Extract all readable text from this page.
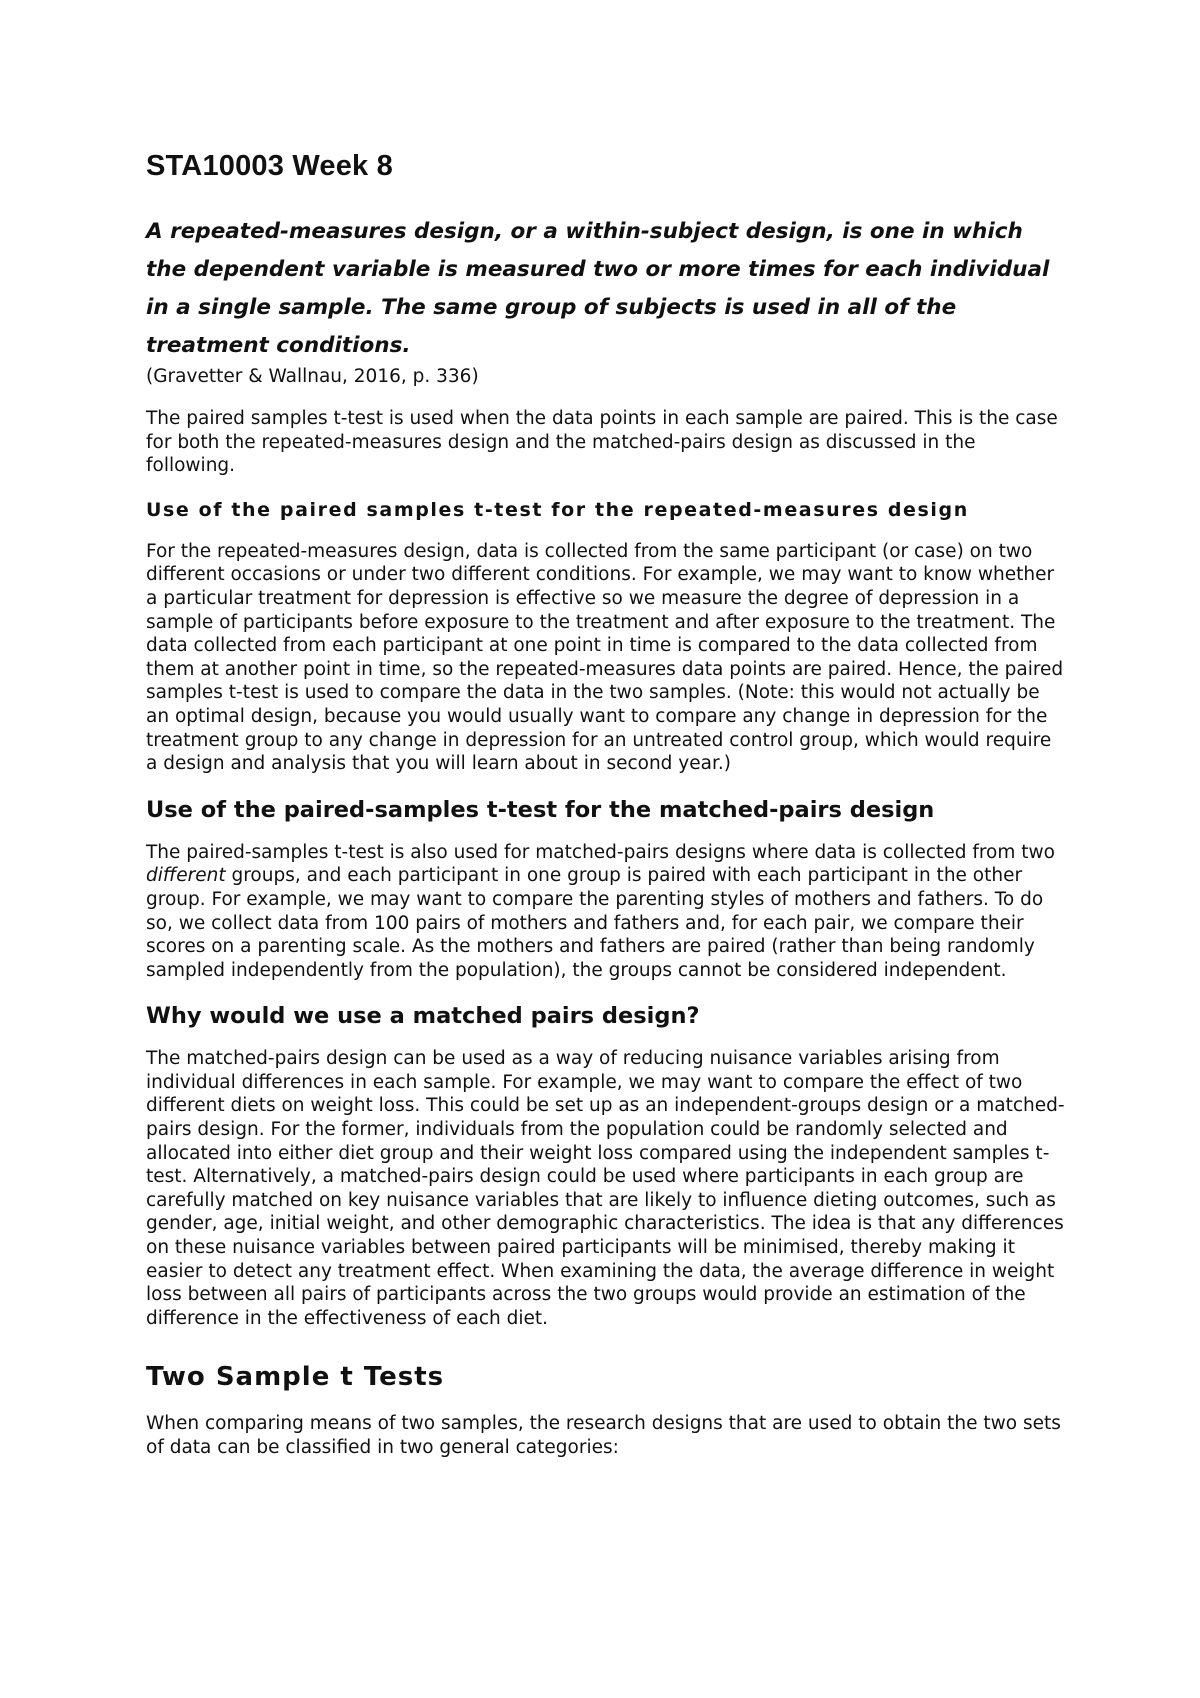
STA10003 Week 8

A repeated-measures design, or a within-subject design, is one in which the dependent variable is measured two or more times for each individual in a single sample. The same group of subjects is used in all of the treatment conditions.

(Gravetter & Wallnau, 2016, p. 336)

The paired samples t-test is used when the data points in each sample are paired. This is the case for both the repeated-measures design and the matched-pairs design as discussed in the following.

Use of the paired samples t-test for the repeated-measures design

For the repeated-measures design, data is collected from the same participant (or case) on two different occasions or under two different conditions. For example, we may want to know whether a particular treatment for depression is effective so we measure the degree of depression in a sample of participants before exposure to the treatment and after exposure to the treatment. The data collected from each participant at one point in time is compared to the data collected from them at another point in time, so the repeated-measures data points are paired. Hence, the paired samples t-test is used to compare the data in the two samples. (Note: this would not actually be an optimal design, because you would usually want to compare any change in depression for the treatment group to any change in depression for an untreated control group, which would require a design and analysis that you will learn about in second year.)

Use of the paired-samples t-test for the matched-pairs design

The paired-samples t-test is also used for matched-pairs designs where data is collected from two different groups, and each participant in one group is paired with each participant in the other group. For example, we may want to compare the parenting styles of mothers and fathers. To do so, we collect data from 100 pairs of mothers and fathers and, for each pair, we compare their scores on a parenting scale. As the mothers and fathers are paired (rather than being randomly sampled independently from the population), the groups cannot be considered independent.

Why would we use a matched pairs design?

The matched-pairs design can be used as a way of reducing nuisance variables arising from individual differences in each sample. For example, we may want to compare the effect of two different diets on weight loss. This could be set up as an independent-groups design or a matched-pairs design. For the former, individuals from the population could be randomly selected and allocated into either diet group and their weight loss compared using the independent samples t-test. Alternatively, a matched-pairs design could be used where participants in each group are carefully matched on key nuisance variables that are likely to influence dieting outcomes, such as gender, age, initial weight, and other demographic characteristics. The idea is that any differences on these nuisance variables between paired participants will be minimised, thereby making it easier to detect any treatment effect. When examining the data, the average difference in weight loss between all pairs of participants across the two groups would provide an estimation of the difference in the effectiveness of each diet.

Two Sample t Tests

When comparing means of two samples, the research designs that are used to obtain the two sets of data can be classified in two general categories:
